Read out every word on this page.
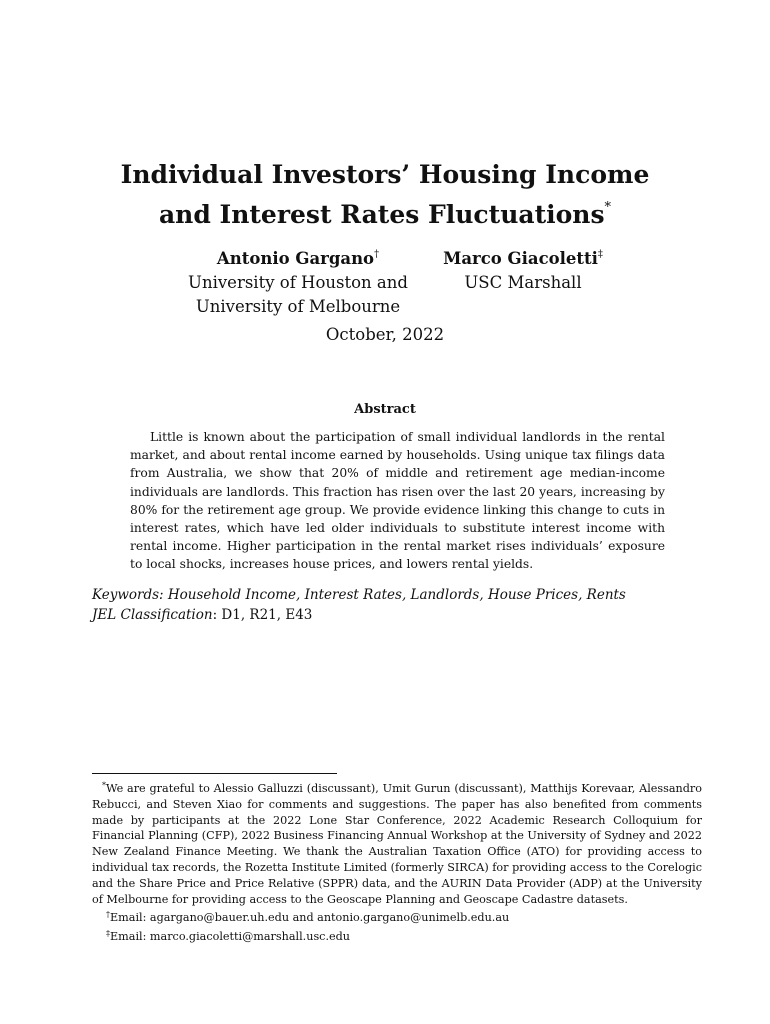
Individual Investors’ Housing Income
and Interest Rates Fluctuations*
Antonio Gargano†
University of Houston and
University of Melbourne
Marco Giacoletti‡
USC Marshall
October, 2022
Abstract
Little is known about the participation of small individual landlords in the rental market, and about rental income earned by households. Using unique tax filings data from Australia, we show that 20% of middle and retirement age median-income individuals are landlords. This fraction has risen over the last 20 years, increasing by 80% for the retirement age group. We provide evidence linking this change to cuts in interest rates, which have led older individuals to substitute interest income with rental income. Higher participation in the rental market rises individuals’ exposure to local shocks, increases house prices, and lowers rental yields.
Keywords: Household Income, Interest Rates, Landlords, House Prices, Rents
JEL Classification: D1, R21, E43

*We are grateful to Alessio Galluzzi (discussant), Umit Gurun (discussant), Matthijs Korevaar, Alessandro Rebucci, and Steven Xiao for comments and suggestions. The paper has also benefited from comments made by participants at the 2022 Lone Star Conference, 2022 Academic Research Colloquium for Financial Planning (CFP), 2022 Business Financing Annual Workshop at the University of Sydney and 2022 New Zealand Finance Meeting. We thank the Australian Taxation Office (ATO) for providing access to individual tax records, the Rozetta Institute Limited (formerly SIRCA) for providing access to the Corelogic and the Share Price and Price Relative (SPPR) data, and the AURIN Data Provider (ADP) at the University of Melbourne for providing access to the Geoscape Planning and Geoscape Cadastre datasets.

†Email: agargano@bauer.uh.edu and antonio.gargano@unimelb.edu.au

‡Email: marco.giacoletti@marshall.usc.edu
